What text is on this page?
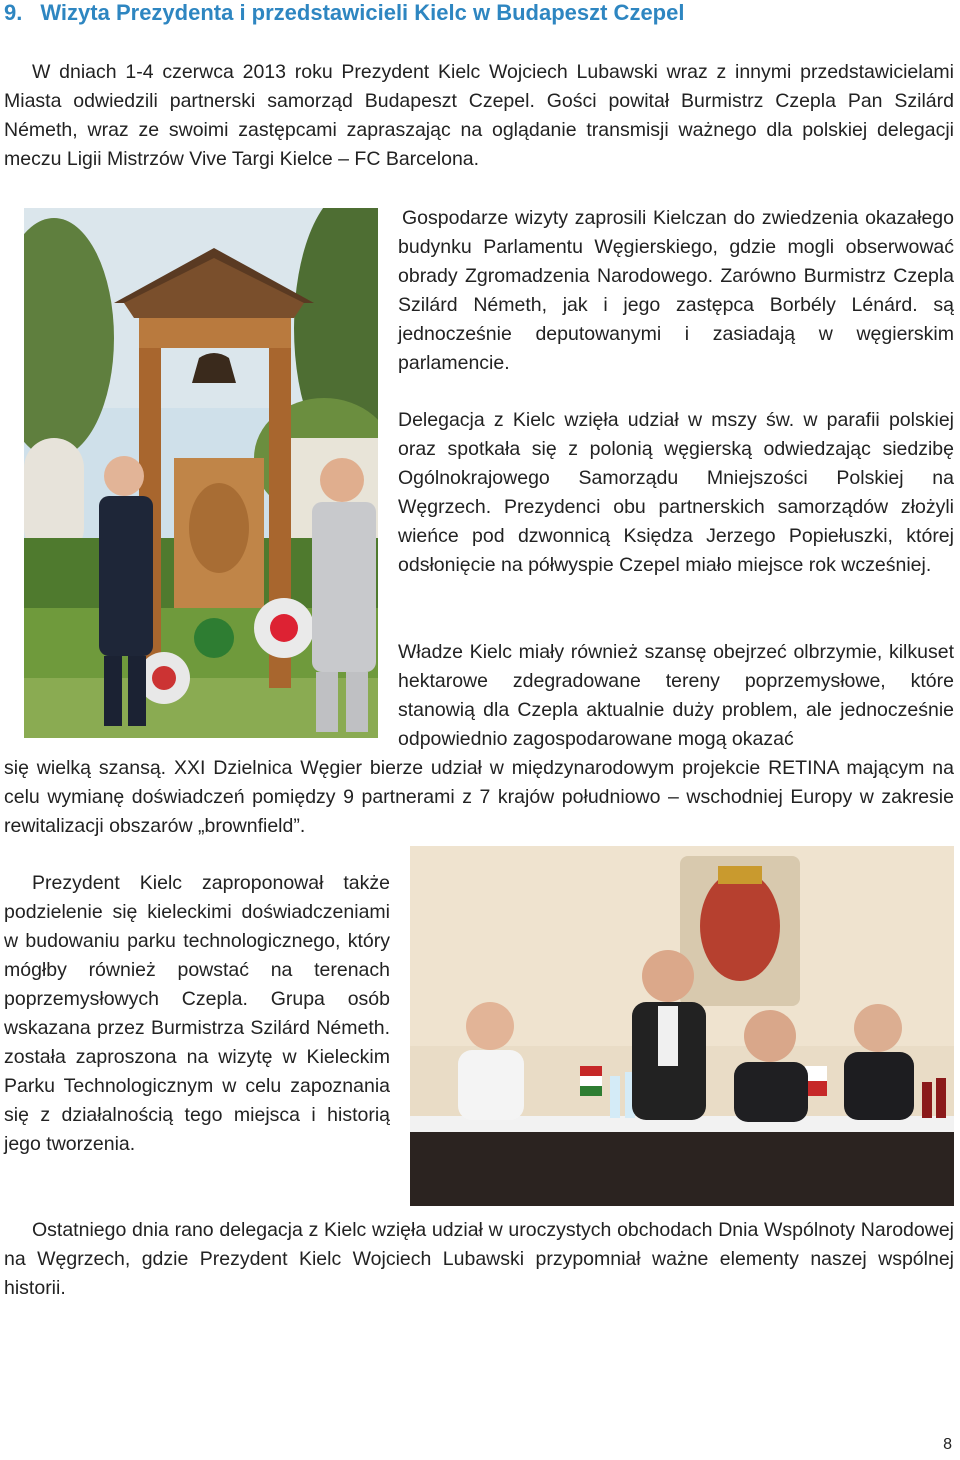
9. Wizyta Prezydenta i przedstawicieli Kielc w Budapeszt Czepel

W dniach 1-4 czerwca 2013 roku Prezydent Kielc Wojciech Lubawski wraz z innymi przedstawicielami Miasta odwiedzili partnerski samorząd Budapeszt Czepel. Gości powitał Burmistrz Czepla Pan Szilárd Németh, wraz ze swoimi zastępcami zapraszając na oglądanie transmisji ważnego dla polskiej delegacji meczu Ligii Mistrzów Vive Targi Kielce – FC Barcelona.

Gospodarze wizyty zaprosili Kielczan do zwiedzenia okazałego budynku Parlamentu Węgierskiego, gdzie mogli obserwować obrady Zgromadzenia Narodowego. Zarówno Burmistrz Czepla Szilárd Németh, jak i jego zastępca Borbély Lénárd. są jednocześnie deputowanymi i zasiadają w węgierskim parlamencie.

Delegacja z Kielc wzięła udział w mszy św. w parafii polskiej oraz spotkała się z polonią węgierską odwiedzając siedzibę Ogólnokrajowego Samorządu Mniejszości Polskiej na Węgrzech. Prezydenci obu partnerskich samorządów złożyli wieńce pod dzwonnicą Księdza Jerzego Popiełuszki, której odsłonięcie na półwyspie Czepel miało miejsce rok wcześniej.

Władze Kielc miały również szansę obejrzeć olbrzymie, kilkuset hektarowe zdegradowane tereny poprzemysłowe, które stanowią dla Czepla aktualnie duży problem, ale jednocześnie odpowiednio zagospodarowane mogą okazać

się wielką szansą. XXI Dzielnica Węgier bierze udział w międzynarodowym projekcie RETINA mającym na celu wymianę doświadczeń pomiędzy 9 partnerami z 7 krajów południowo – wschodniej Europy w zakresie rewitalizacji obszarów „brownfield”.

Prezydent Kielc zaproponował także podzielenie się kieleckimi doświadczeniami w budowaniu parku technologicznego, który mógłby również powstać na terenach poprzemysłowych Czepla. Grupa osób wskazana przez Burmistrza Szilárd Németh. została zaproszona na wizytę w Kieleckim Parku Technologicznym w celu zapoznania się z działalnością tego miejsca i historią jego tworzenia.

Ostatniego dnia rano delegacja z Kielc wzięła udział w uroczystych obchodach Dnia Wspólnoty Narodowej na Węgrzech, gdzie Prezydent Kielc Wojciech Lubawski przypomniał ważne elementy naszej wspólnej historii.

8
